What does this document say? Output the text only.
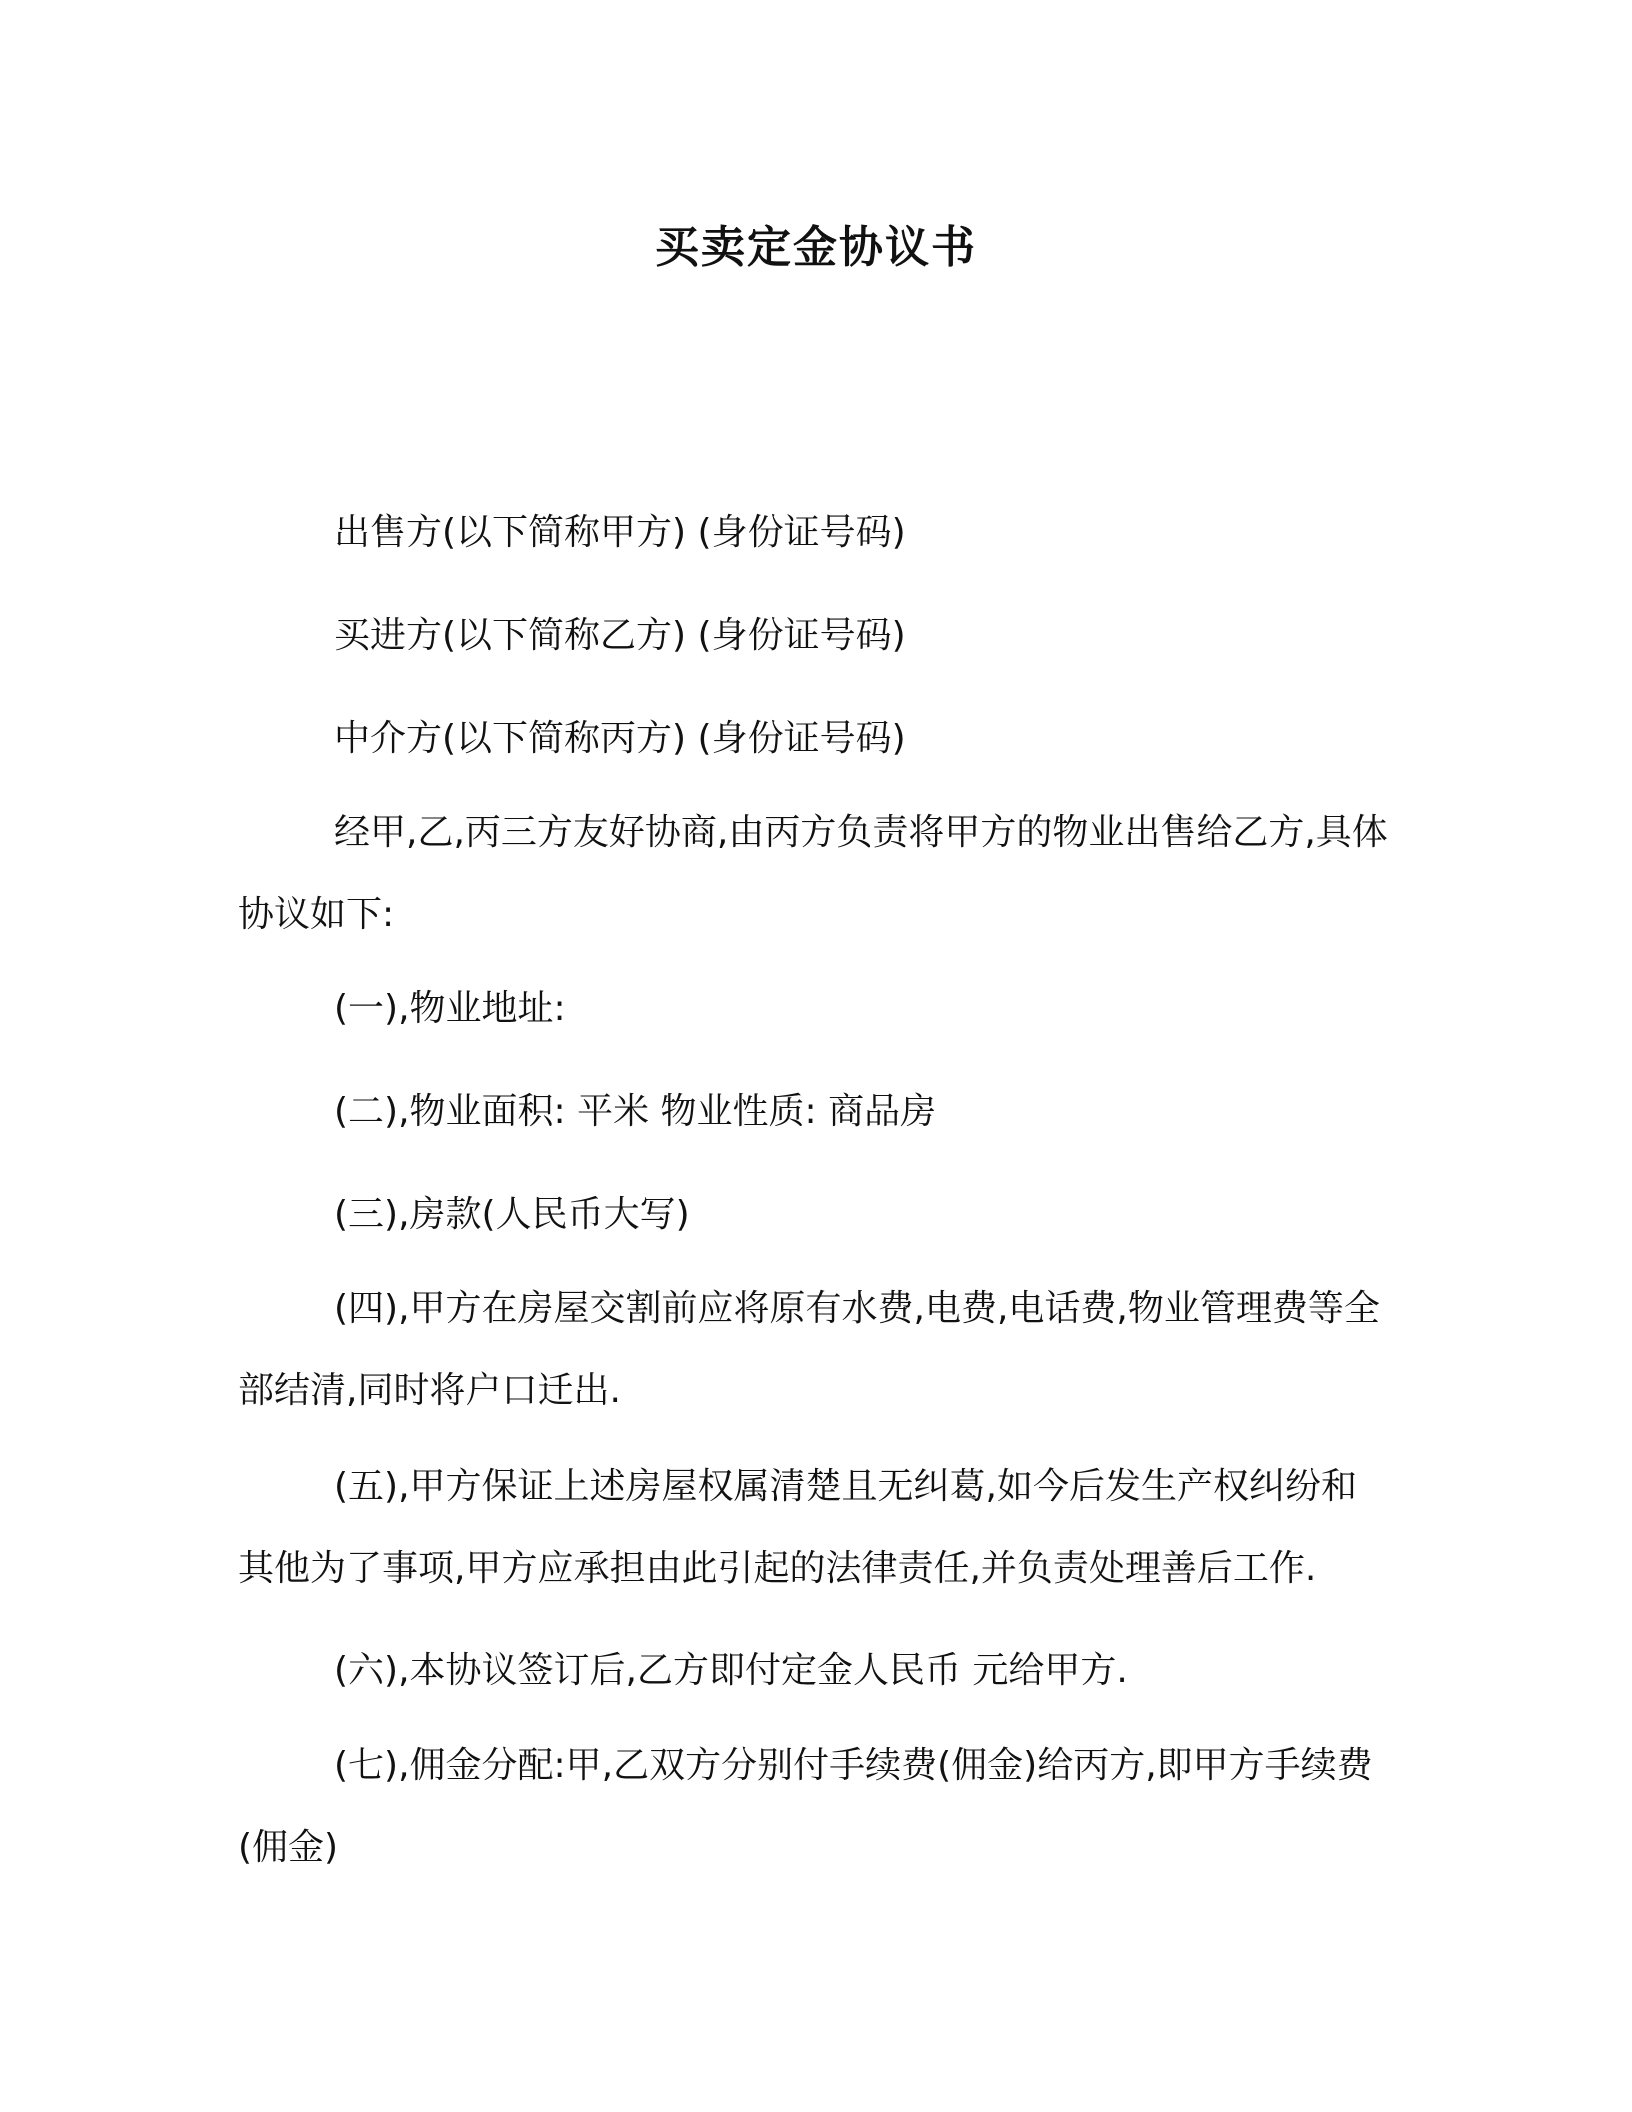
买卖定金协议书

出售方(以下简称甲方) (身份证号码)

买进方(以下简称乙方) (身份证号码)

中介方(以下简称丙方) (身份证号码)

经甲,乙,丙三方友好协商,由丙方负责将甲方的物业出售给乙方,具体协议如下:

(一),物业地址:

(二),物业面积: 平米 物业性质: 商品房

(三),房款(人民币大写)

(四),甲方在房屋交割前应将原有水费,电费,电话费,物业管理费等全部结清,同时将户口迁出.

(五),甲方保证上述房屋权属清楚且无纠葛,如今后发生产权纠纷和其他为了事项,甲方应承担由此引起的法律责任,并负责处理善后工作.

(六),本协议签订后,乙方即付定金人民币 元给甲方.

(七),佣金分配:甲,乙双方分别付手续费(佣金)给丙方,即甲方手续费(佣金)
